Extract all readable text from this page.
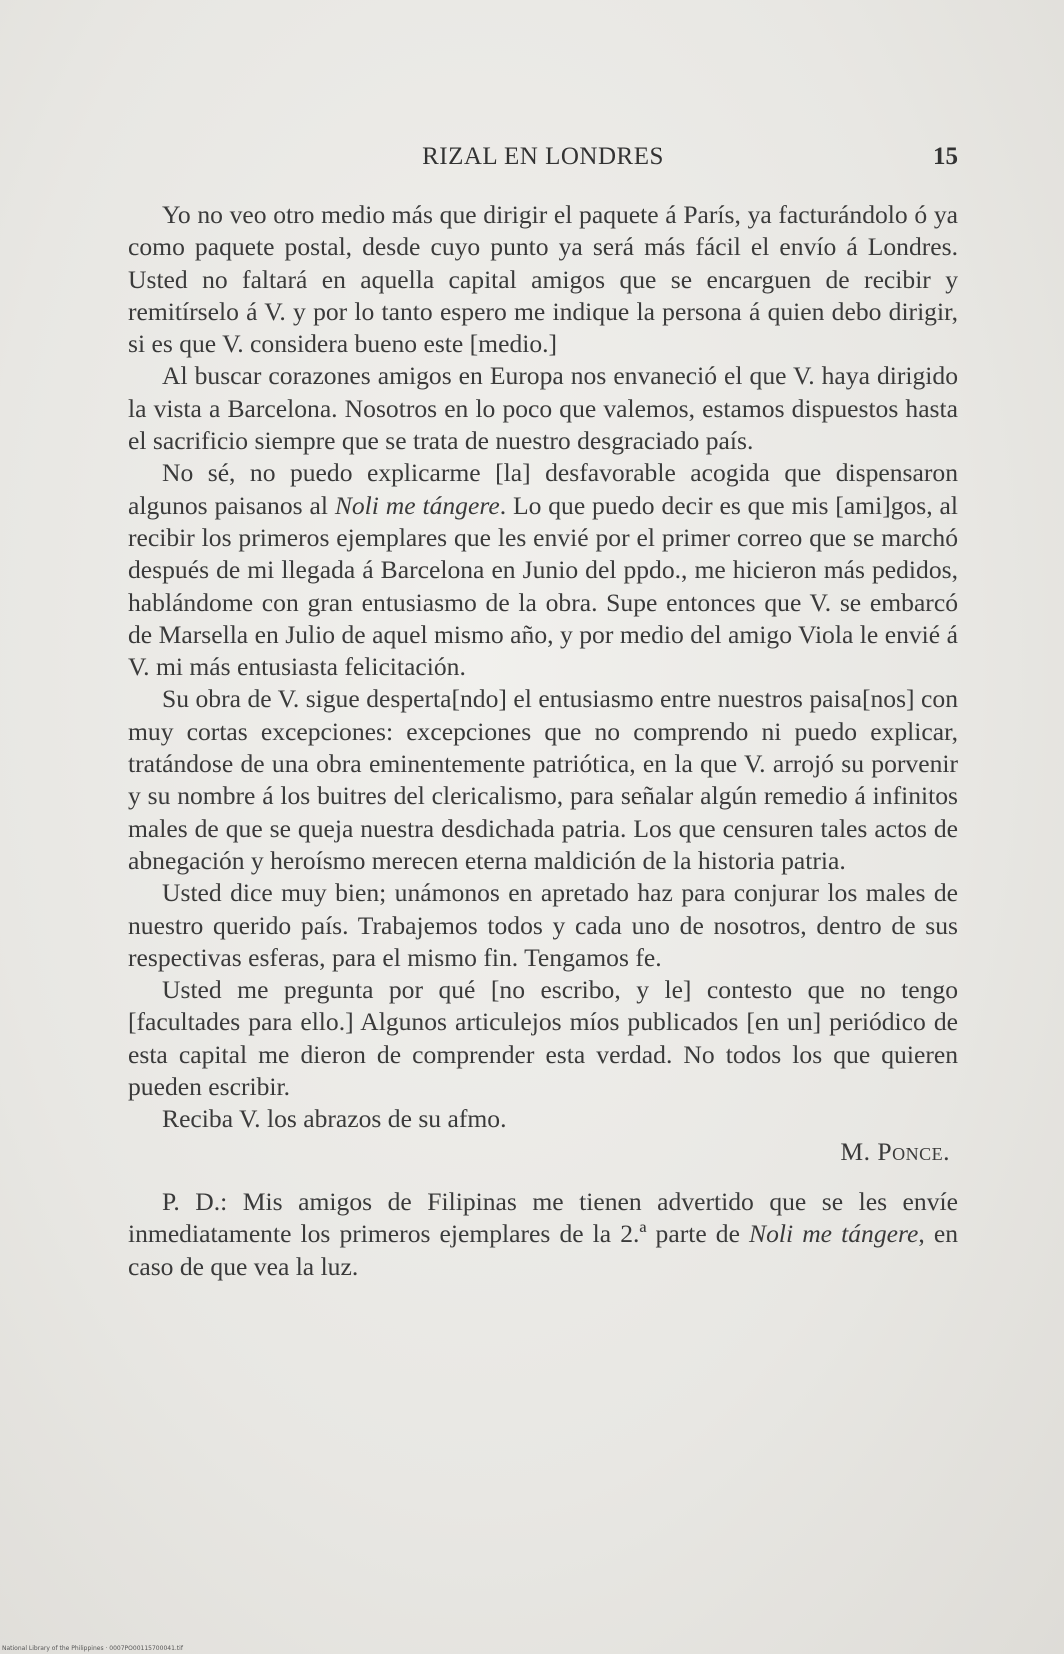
RIZAL EN LONDRES	15

Yo no veo otro medio más que dirigir el paquete á París, ya facturándolo ó ya como paquete postal, desde cuyo punto ya será más fácil el envío á Londres. Usted no faltará en aquella capital amigos que se encarguen de recibir y remitírselo á V. y por lo tanto espero me indique la persona á quien debo dirigir, si es que V. considera bueno este [medio.]

Al buscar corazones amigos en Europa nos envaneció el que V. haya dirigido la vista a Barcelona. Nosotros en lo poco que valemos, estamos dispuestos hasta el sacrificio siempre que se trata de nuestro desgraciado país.

No sé, no puedo explicarme [la] desfavorable acogida que dispensaron algunos paisanos al Noli me tángere. Lo que puedo decir es que mis [ami]gos, al recibir los primeros ejemplares que les envié por el primer correo que se marchó después de mi llegada á Barcelona en Junio del ppdo., me hicieron más pedidos, hablándome con gran entusiasmo de la obra. Supe entonces que V. se embarcó de Marsella en Julio de aquel mismo año, y por medio del amigo Viola le envié á V. mi más entusiasta felicitación.

Su obra de V. sigue desperta[ndo] el entusiasmo entre nuestros paisa[nos] con muy cortas excepciones: excepciones que no comprendo ni puedo explicar, tratándose de una obra eminentemente patriótica, en la que V. arrojó su porvenir y su nombre á los buitres del clericalismo, para señalar algún remedio á infinitos males de que se queja nuestra desdichada patria. Los que censuren tales actos de abnegación y heroísmo merecen eterna maldición de la historia patria.

Usted dice muy bien; unámonos en apretado haz para conjurar los males de nuestro querido país. Trabajemos todos y cada uno de nosotros, dentro de sus respectivas esferas, para el mismo fin. Tengamos fe.

Usted me pregunta por qué [no escribo, y le] contesto que no tengo [facultades para ello.] Algunos articulejos míos publicados [en un] periódico de esta capital me dieron de comprender esta verdad. No todos los que quieren pueden escribir.

Reciba V. los abrazos de su afmo.

M. Ponce.

P. D.: Mis amigos de Filipinas me tienen advertido que se les envíe inmediatamente los primeros ejemplares de la 2.ª parte de Noli me tángere, en caso de que vea la luz.

National Library of the Philippines · 0007PO00115700041.tif
